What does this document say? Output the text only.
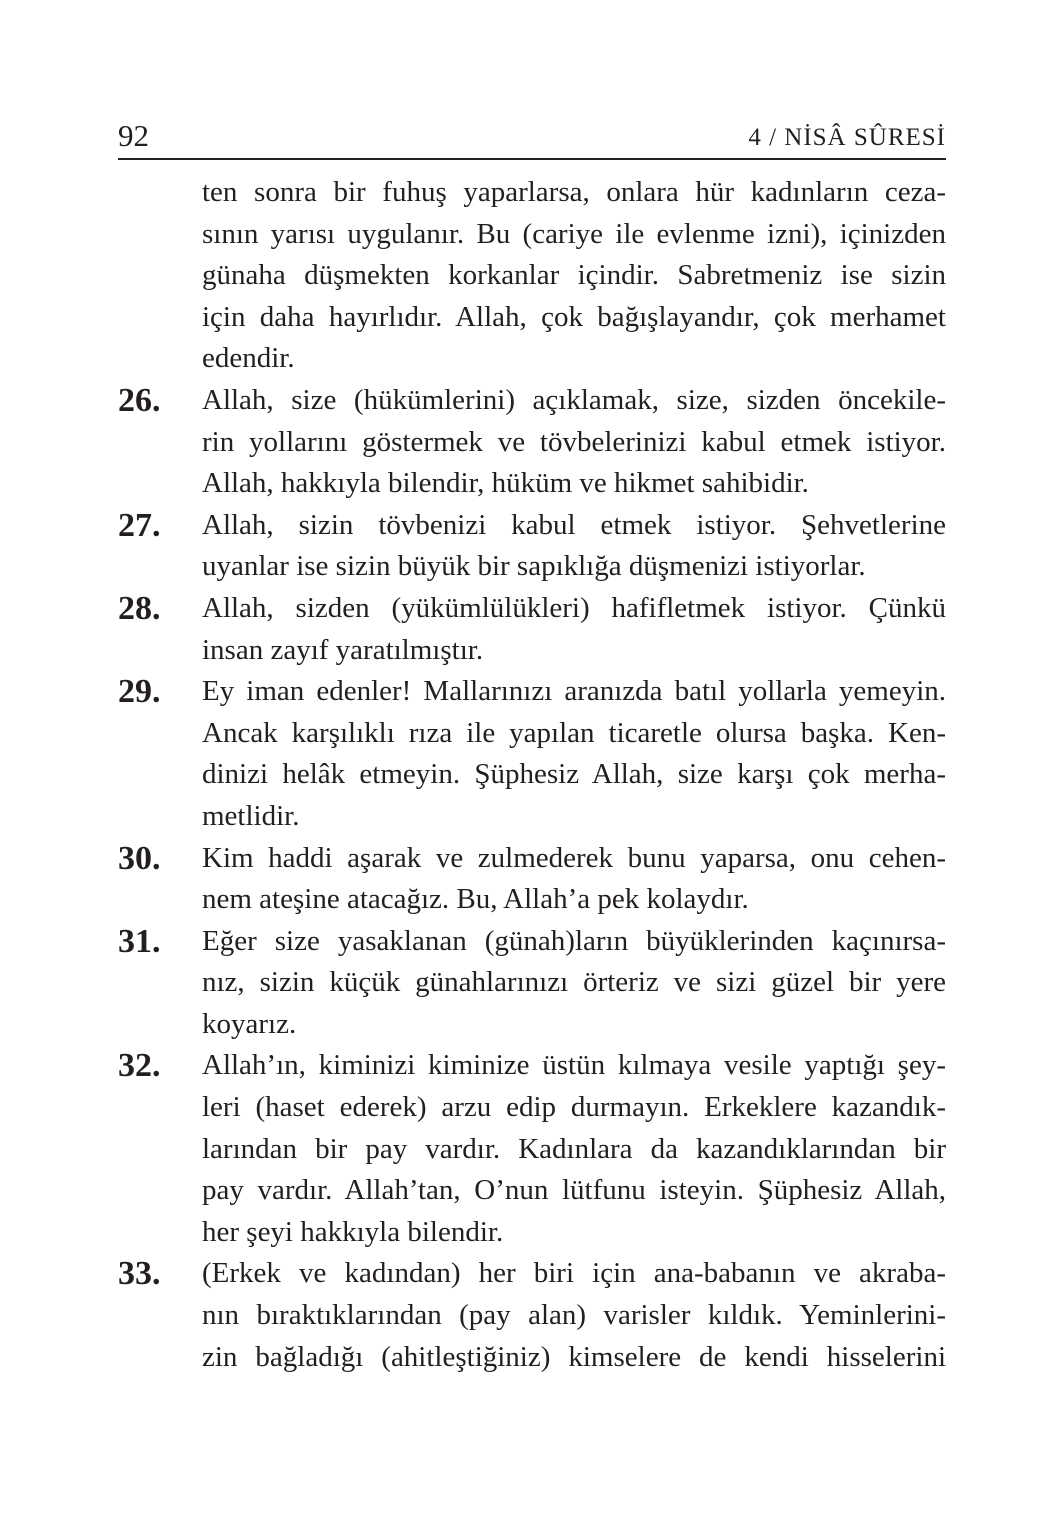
92	4 / NİSÂ SÛRESİ
ten sonra bir fuhuş yaparlarsa, onlara hür kadınların ceza-
sının yarısı uygulanır. Bu (cariye ile evlenme izni), içinizden
günaha düşmekten korkanlar içindir. Sabretmeniz ise sizin
için daha hayırlıdır. Allah, çok bağışlayandır, çok merhamet
edendir.
26. Allah, size (hükümlerini) açıklamak, size, sizden öncekile-
rin yollarını göstermek ve tövbelerinizi kabul etmek istiyor.
Allah, hakkıyla bilendir, hüküm ve hikmet sahibidir.
27. Allah, sizin tövbenizi kabul etmek istiyor. Şehvetlerine
uyanlar ise sizin büyük bir sapıklığa düşmenizi istiyorlar.
28. Allah, sizden (yükümlülükleri) hafifletmek istiyor. Çünkü
insan zayıf yaratılmıştır.
29. Ey iman edenler! Mallarınızı aranızda batıl yollarla yemeyin.
Ancak karşılıklı rıza ile yapılan ticaretle olursa başka. Ken-
dinizi helâk etmeyin. Şüphesiz Allah, size karşı çok merha-
metlidir.
30. Kim haddi aşarak ve zulmederek bunu yaparsa, onu cehen-
nem ateşine atacağız. Bu, Allah’a pek kolaydır.
31. Eğer size yasaklanan (günah)ların büyüklerinden kaçınırsa-
nız, sizin küçük günahlarınızı örteriz ve sizi güzel bir yere
koyarız.
32. Allah’ın, kiminizi kiminize üstün kılmaya vesile yaptığı şey-
leri (haset ederek) arzu edip durmayın. Erkeklere kazandık-
larından bir pay vardır. Kadınlara da kazandıklarından bir
pay vardır. Allah’tan, O’nun lütfunu isteyin. Şüphesiz Allah,
her şeyi hakkıyla bilendir.
33. (Erkek ve kadından) her biri için ana-babanın ve akraba-
nın bıraktıklarından (pay alan) varisler kıldık. Yeminlerini-
zin bağladığı (ahitleştiğiniz) kimselere de kendi hisselerini
